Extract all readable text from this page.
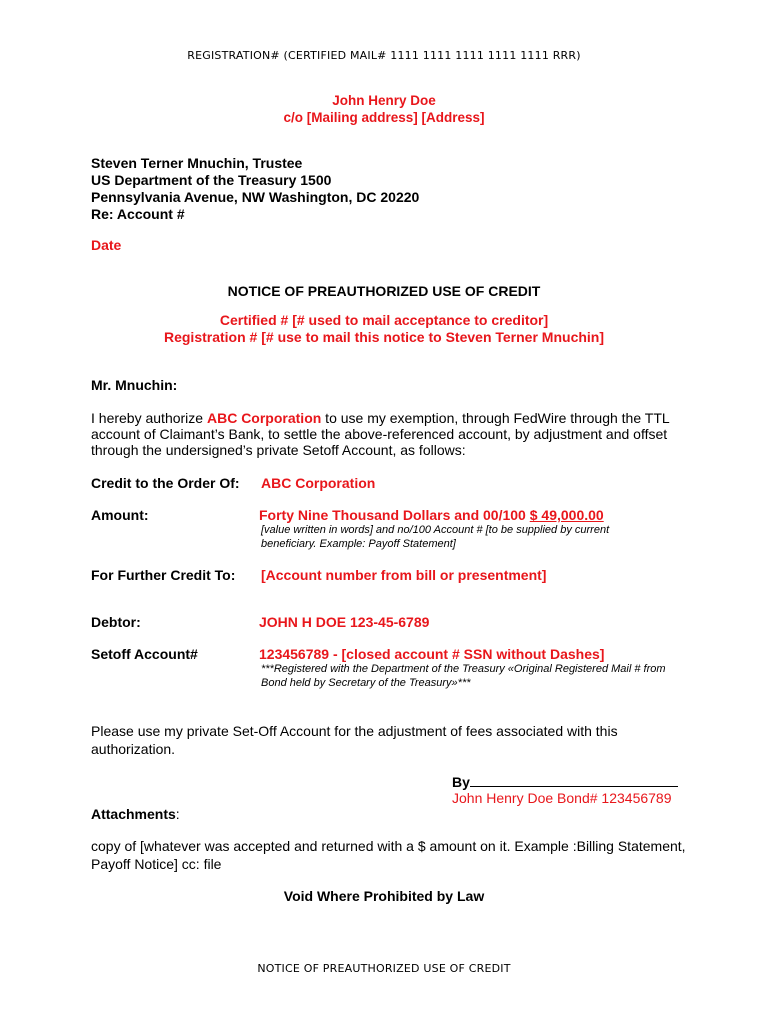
REGISTRATION# (CERTIFIED MAIL# 1111 1111 1111 1111 1111 RRR)
John Henry Doe
c/o [Mailing address] [Address]
Steven Terner Mnuchin, Trustee
US Department of the Treasury 1500
Pennsylvania Avenue, NW Washington, DC 20220
Re: Account #
Date
NOTICE OF PREAUTHORIZED USE OF CREDIT
Certified # [# used to mail acceptance to creditor]
Registration # [# use to mail this notice to Steven Terner Mnuchin]
Mr. Mnuchin:
I hereby authorize ABC Corporation to use my exemption, through FedWire through the TTL
account of Claimant’s Bank, to settle the above-referenced account, by adjustment and offset
through the undersigned’s private Setoff Account, as follows:
Credit to the Order Of: ABC Corporation
Amount:	Forty Nine Thousand Dollars and 00/100 $ 49,000.00
[value written in words] and no/100 Account # [to be supplied by current
beneficiary. Example: Payoff Statement]
For Further Credit To: [Account number from bill or presentment]
Debtor:	JOHN H DOE 123-45-6789
Setoff Account#	123456789 - [closed account # SSN without Dashes]
***Registered with the Department of the Treasury «Original Registered Mail # from
Bond held by Secretary of the Treasury»***
Please use my private Set-Off Account for the adjustment of fees associated with this
authorization.
By
John Henry Doe Bond# 123456789
Attachments:
copy of [whatever was accepted and returned with a $ amount on it. Example :Billing Statement,
Payoff Notice] cc: file
Void Where Prohibited by Law
NOTICE OF PREAUTHORIZED USE OF CREDIT
